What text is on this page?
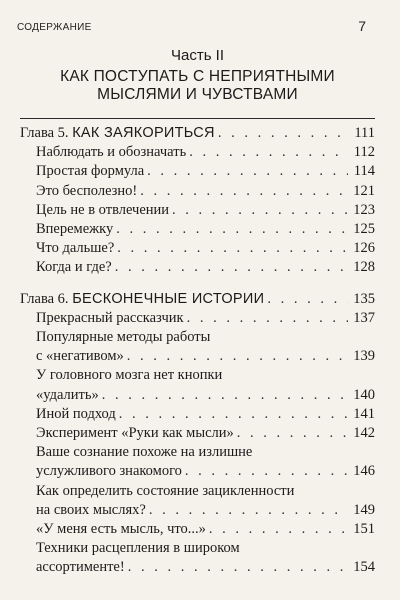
СОДЕРЖАНИЕ	7

Часть II

КАК ПОСТУПАТЬ С НЕПРИЯТНЫМИ
МЫСЛЯМИ И ЧУВСТВАМИ

Глава 5. КАК ЗАЯКОРИТЬСЯ . . .	111
Наблюдать и обозначать . . .	112
Простая формула . . .	114
Это бесполезно! . . .	121
Цель не в отвлечении . . .	123
Вперемежку . . .	125
Что дальше? . . .	126
Когда и где? . . .	128
Глава 6. БЕСКОНЕЧНЫЕ ИСТОРИИ . . .	135
Прекрасный рассказчик . . .	137
Популярные методы работы
с «негативом» . . .	139
У головного мозга нет кнопки
«удалить» . . .	140
Иной подход . . .	141
Эксперимент «Руки как мысли» . . .	142
Ваше сознание похоже на излишне
услужливого знакомого . . .	146
Как определить состояние зацикленности
на своих мыслях? . . .	149
«У меня есть мысль, что...» . . .	151
Техники расцепления в широком
ассортименте! . . .	154
